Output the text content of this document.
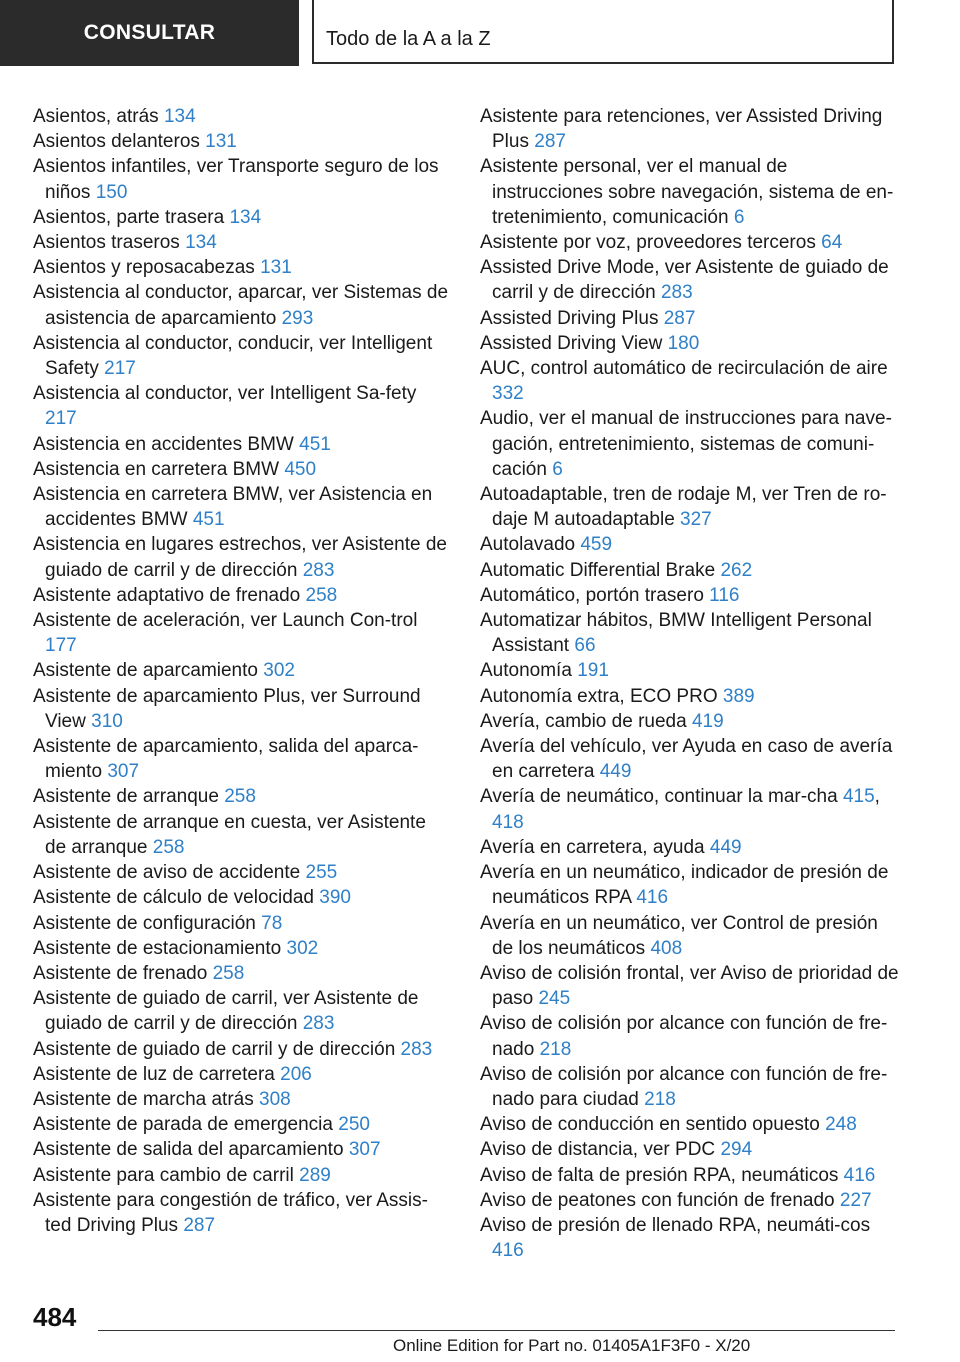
CONSULTAR	Todo de la A a la Z
Asientos, atrás 134
Asientos delanteros 131
Asientos infantiles, ver Transporte seguro de los niños 150
Asientos, parte trasera 134
Asientos traseros 134
Asientos y reposacabezas 131
Asistencia al conductor, aparcar, ver Sistemas de asistencia de aparcamiento 293
Asistencia al conductor, conducir, ver Intelligent Safety 217
Asistencia al conductor, ver Intelligent Sa-fety 217
Asistencia en accidentes BMW 451
Asistencia en carretera BMW 450
Asistencia en carretera BMW, ver Asistencia en accidentes BMW 451
Asistencia en lugares estrechos, ver Asistente de guiado de carril y de dirección 283
Asistente adaptativo de frenado 258
Asistente de aceleración, ver Launch Con-trol 177
Asistente de aparcamiento 302
Asistente de aparcamiento Plus, ver Surround View 310
Asistente de aparcamiento, salida del aparca-miento 307
Asistente de arranque 258
Asistente de arranque en cuesta, ver Asistente de arranque 258
Asistente de aviso de accidente 255
Asistente de cálculo de velocidad 390
Asistente de configuración 78
Asistente de estacionamiento 302
Asistente de frenado 258
Asistente de guiado de carril, ver Asistente de guiado de carril y de dirección 283
Asistente de guiado de carril y de dirección 283
Asistente de luz de carretera 206
Asistente de marcha atrás 308
Asistente de parada de emergencia 250
Asistente de salida del aparcamiento 307
Asistente para cambio de carril 289
Asistente para congestión de tráfico, ver Assis-ted Driving Plus 287
Asistente para retenciones, ver Assisted Driving Plus 287
Asistente personal, ver el manual de instrucciones sobre navegación, sistema de en-tretenimiento, comunicación 6
Asistente por voz, proveedores terceros 64
Assisted Drive Mode, ver Asistente de guiado de carril y de dirección 283
Assisted Driving Plus 287
Assisted Driving View 180
AUC, control automático de recirculación de aire 332
Audio, ver el manual de instrucciones para nave-gación, entretenimiento, sistemas de comuni-cación 6
Autoadaptable, tren de rodaje M, ver Tren de ro-daje M autoadaptable 327
Autolavado 459
Automatic Differential Brake 262
Automático, portón trasero 116
Automatizar hábitos, BMW Intelligent Personal Assistant 66
Autonomía 191
Autonomía extra, ECO PRO 389
Avería, cambio de rueda 419
Avería del vehículo, ver Ayuda en caso de avería en carretera 449
Avería de neumático, continuar la mar-cha 415, 418
Avería en carretera, ayuda 449
Avería en un neumático, indicador de presión de neumáticos RPA 416
Avería en un neumático, ver Control de presión de los neumáticos 408
Aviso de colisión frontal, ver Aviso de prioridad de paso 245
Aviso de colisión por alcance con función de fre-nado 218
Aviso de colisión por alcance con función de fre-nado para ciudad 218
Aviso de conducción en sentido opuesto 248
Aviso de distancia, ver PDC 294
Aviso de falta de presión RPA, neumáticos 416
Aviso de peatones con función de frenado 227
Aviso de presión de llenado RPA, neumáti-cos 416
484
Online Edition for Part no. 01405A1F3F0 - X/20
